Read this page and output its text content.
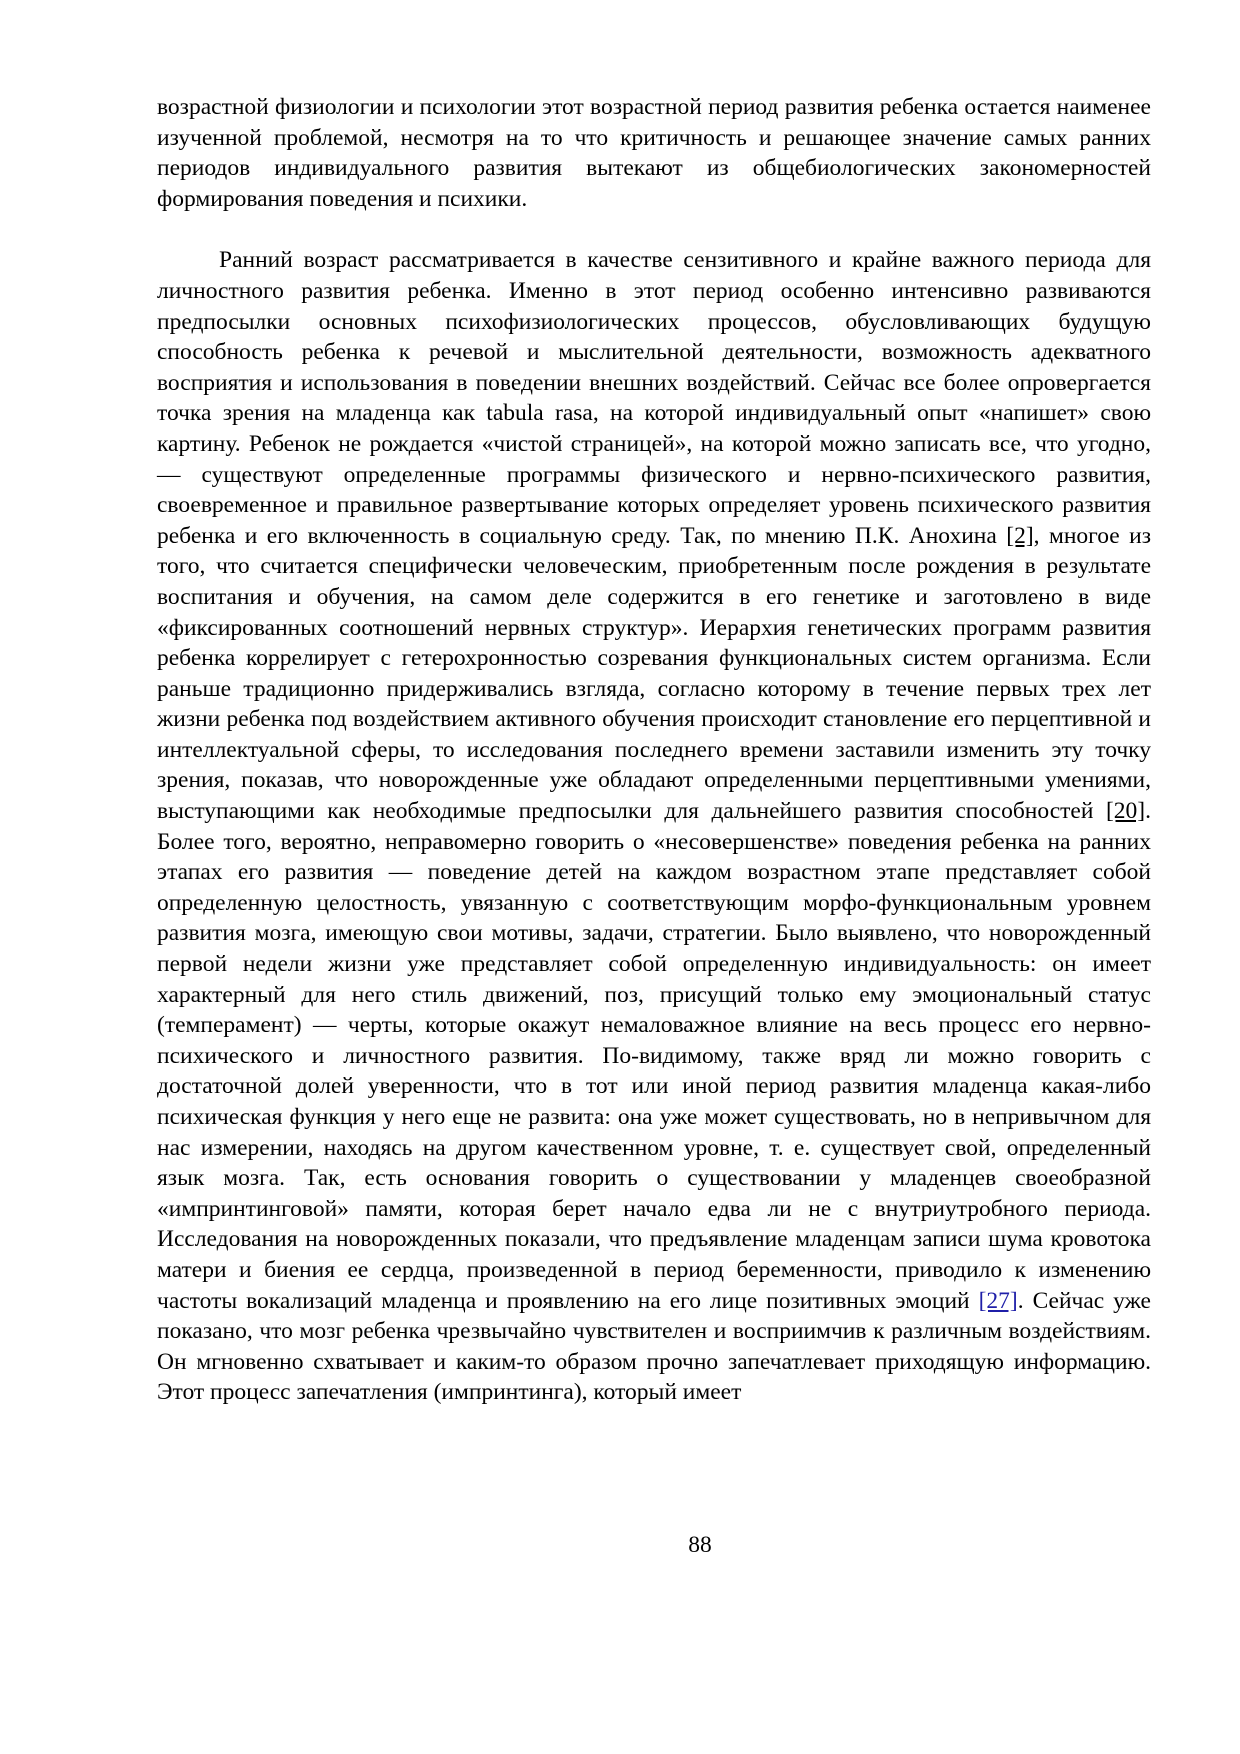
возрастной физиологии и психологии этот возрастной период развития ребенка остается наименее изученной проблемой, несмотря на то что критичность и решающее значение самых ранних периодов индивидуального развития вытекают из общебиологических закономерностей формирования поведения и психики.

Ранний возраст рассматривается в качестве сензитивного и крайне важного периода для личностного развития ребенка. Именно в этот период особенно интенсивно развиваются предпосылки основных психофизиологических процессов, обусловливающих будущую способность ребенка к речевой и мыслительной деятельности, возможность адекватного восприятия и использования в поведении внешних воздействий. Сейчас все более опровергается точка зрения на младенца как tabula rasa, на которой индивидуальный опыт «напишет» свою картину. Ребенок не рождается «чистой страницей», на которой можно записать все, что угодно, — существуют определенные программы физического и нервно-психического развития, своевременное и правильное развертывание которых определяет уровень психического развития ребенка и его включенность в социальную среду. Так, по мнению П.К. Анохина [2], многое из того, что считается специфически человеческим, приобретенным после рождения в результате воспитания и обучения, на самом деле содержится в его генетике и заготовлено в виде «фиксированных соотношений нервных структур». Иерархия генетических программ развития ребенка коррелирует с гетерохронностью созревания функциональных систем организма. Если раньше традиционно придерживались взгляда, согласно которому в течение первых трех лет жизни ребенка под воздействием активного обучения происходит становление его перцептивной и интеллектуальной сферы, то исследования последнего времени заставили изменить эту точку зрения, показав, что новорожденные уже обладают определенными перцептивными умениями, выступающими как необходимые предпосылки для дальнейшего развития способностей [20]. Более того, вероятно, неправомерно говорить о «несовершенстве» поведения ребенка на ранних этапах его развития — поведение детей на каждом возрастном этапе представляет собой определенную целостность, увязанную с соответствующим морфо-функциональным уровнем развития мозга, имеющую свои мотивы, задачи, стратегии. Было выявлено, что новорожденный первой недели жизни уже представляет собой определенную индивидуальность: он имеет характерный для него стиль движений, поз, присущий только ему эмоциональный статус (темперамент) — черты, которые окажут немаловажное влияние на весь процесс его нервно-психического и личностного развития. По-видимому, также вряд ли можно говорить с достаточной долей уверенности, что в тот или иной период развития младенца какая-либо психическая функция у него еще не развита: она уже может существовать, но в непривычном для нас измерении, находясь на другом качественном уровне, т. е. существует свой, определенный язык мозга. Так, есть основания говорить о существовании у младенцев своеобразной «импринтинговой» памяти, которая берет начало едва ли не с внутриутробного периода. Исследования на новорожденных показали, что предъявление младенцам записи шума кровотока матери и биения ее сердца, произведенной в период беременности, приводило к изменению частоты вокализаций младенца и проявлению на его лице позитивных эмоций [27]. Сейчас уже показано, что мозг ребенка чрезвычайно чувствителен и восприимчив к различным воздействиям. Он мгновенно схватывает и каким-то образом прочно запечатлевает приходящую информацию. Этот процесс запечатления (импринтинга), который имеет

88
